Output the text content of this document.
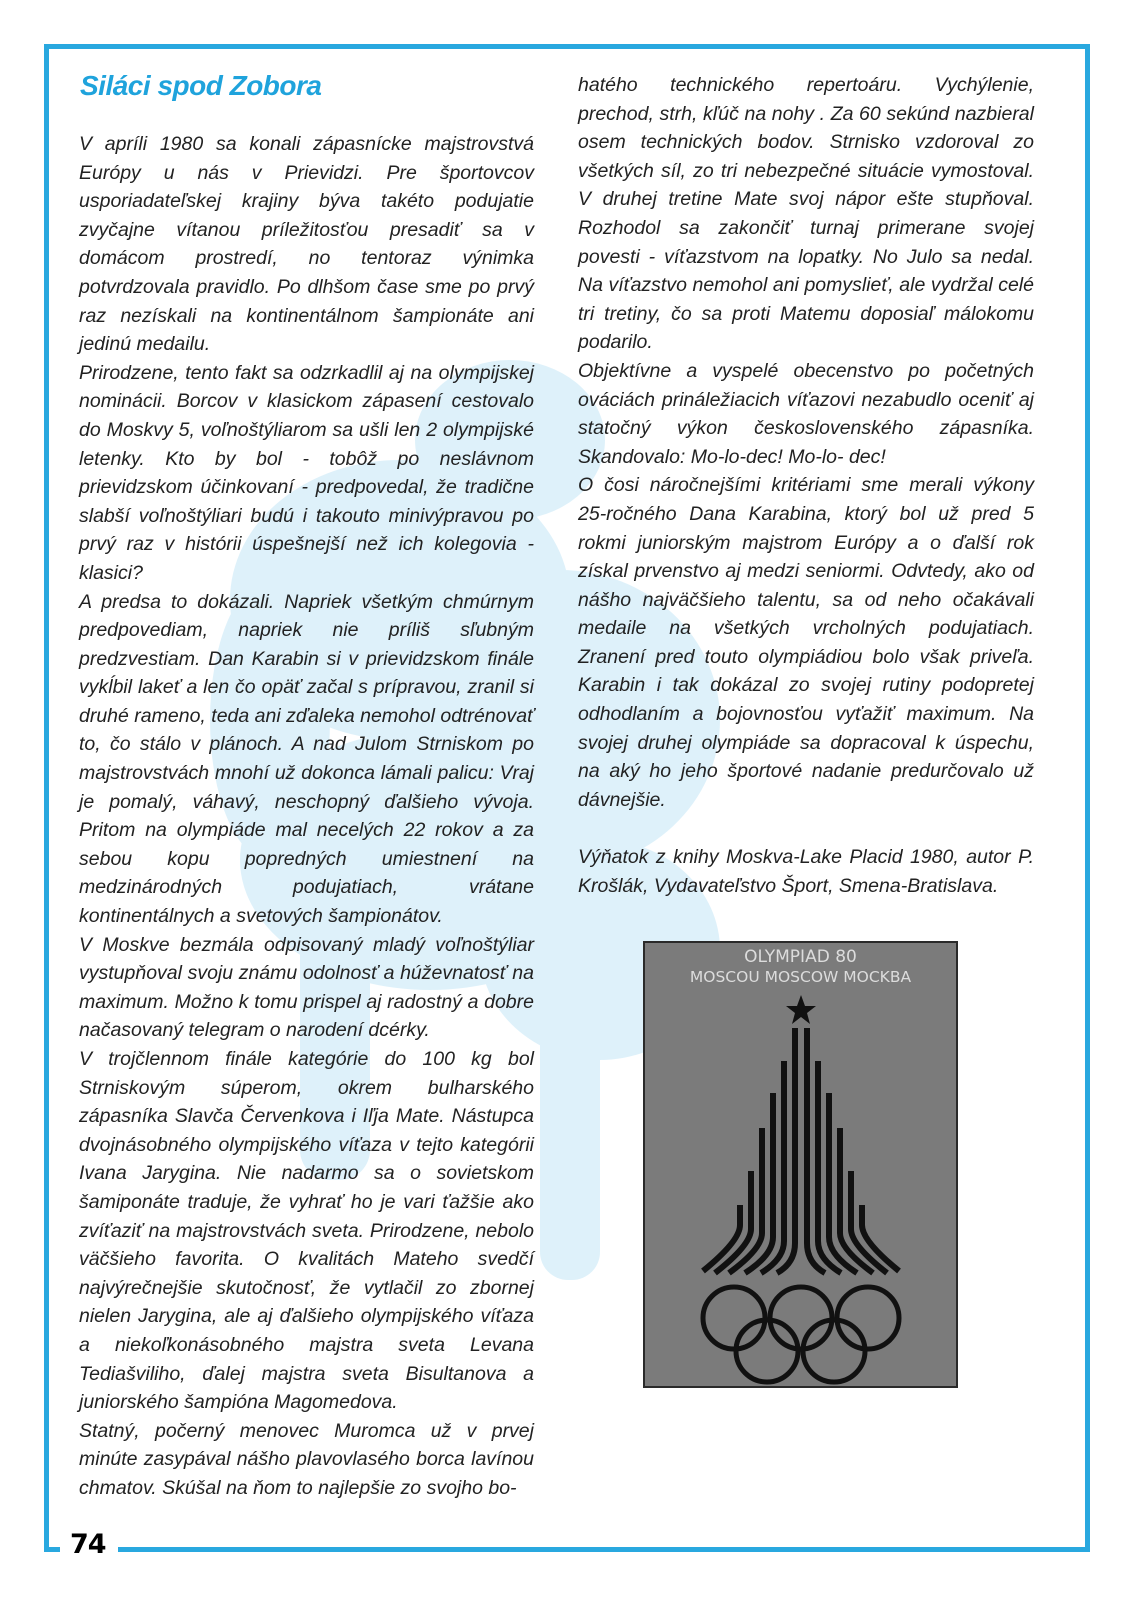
74
Siláci spod Zobora

V apríli 1980 sa konali zápasnícke majstrovstvá Európy u nás v Prievidzi. Pre športovcov usporiadateľskej krajiny býva takéto podujatie zvyčajne vítanou príležitosťou presadiť sa v domácom prostredí, no tentoraz výnimka potvrdzovala pravidlo. Po dlhšom čase sme po prvý raz nezískali na kontinentálnom šampionáte ani jedinú medailu.

Prirodzene, tento fakt sa odzrkadlil aj na olympijskej nominácii. Borcov v klasickom zápasení cestovalo do Moskvy 5, voľnoštýliarom sa ušli len 2 olympijské letenky. Kto by bol - tobôž po neslávnom prievidzskom účinkovaní - predpovedal, že tradične slabší voľnoštýliari budú i takouto minivýpravou po prvý raz v histórii úspešnejší než ich kolegovia - klasici?

A predsa to dokázali. Napriek všetkým chmúrnym predpovediam, napriek nie príliš sľubným predzvestiam. Dan Karabin si v prievidzskom finále vykĺbil lakeť a len čo opäť začal s prípravou, zranil si druhé rameno, teda ani zďaleka nemohol odtrénovať to, čo stálo v plánoch. A nad Julom Strniskom po majstrovstvách mnohí už dokonca lámali palicu: Vraj je pomalý, váhavý, neschopný ďalšieho vývoja. Pritom na olympiáde mal necelých 22 rokov a za sebou kopu popredných umiestnení na medzinárodných podujatiach, vrátane kontinentálnych a svetových šampionátov.

V Moskve bezmála odpisovaný mladý voľnoštýliar vystupňoval svoju známu odolnosť a húževnatosť na maximum. Možno k tomu prispel aj radostný a dobre načasovaný telegram o narodení dcérky.

V trojčlennom finále kategórie do 100 kg bol Strniskovým súperom, okrem bulharského zápasníka Slavča Červenkova i Iľja Mate. Nástupca dvojnásobného olympijského víťaza v tejto kategórii Ivana Jarygina. Nie nadarmo sa o sovietskom šamiponáte traduje, že vyhrať ho je vari ťažšie ako zvíťaziť na majstrovstvách sveta. Prirodzene, nebolo väčšieho favorita. O kvalitách Mateho svedčí najvýrečnejšie skutočnosť, že vytlačil zo zbornej nielen Jarygina, ale aj ďalšieho olympijského víťaza a niekoľkonásobného majstra sveta Levana Tediašviliho, ďalej majstra sveta Bisultanova a juniorského šampióna Magomedova.

Statný, počerný menovec Muromca už v prvej minúte zasypával nášho plavovlasého borca lavínou chmatov. Skúšal na ňom to najlepšie zo svojho bo-

hatého technického repertoáru. Vychýlenie, prechod, strh, kľúč na nohy . Za 60 sekúnd nazbieral osem technických bodov. Strnisko vzdoroval zo všetkých síl, zo tri nebezpečné situácie vymostoval. V druhej tretine Mate svoj nápor ešte stupňoval. Rozhodol sa zakončiť turnaj primerane svojej povesti - víťazstvom na lopatky. No Julo sa nedal. Na víťazstvo nemohol ani pomyslieť, ale vydržal celé tri tretiny, čo sa proti Matemu doposiaľ málokomu podarilo.

Objektívne a vyspelé obecenstvo po početných ováciách prináležiacich víťazovi nezabudlo oceniť aj statočný výkon československého zápasníka. Skandovalo: Mo-lo-dec! Mo-lo- dec!

O čosi náročnejšími kritériami sme merali výkony 25-ročného Dana Karabina, ktorý bol už pred 5 rokmi juniorským majstrom Európy a o ďalší rok získal prvenstvo aj medzi seniormi. Odvtedy, ako od nášho najväčšieho talentu, sa od neho očakávali medaile na všetkých vrcholných podujatiach. Zranení pred touto olympiádiou bolo však priveľa. Karabin i tak dokázal zo svojej rutiny podopretej odhodlaním a bojovnosťou vyťažiť maximum. Na svojej druhej olympiáde sa dopracoval k úspechu, na aký ho jeho športové nadanie predurčovalo už dávnejšie.

Výňatok z knihy Moskva-Lake Placid 1980, autor P. Krošlák, Vydavateľstvo Šport, Smena-Bratislava.

OLYMPIAD 80
MOSCOU MOSCOW MOCKBA
